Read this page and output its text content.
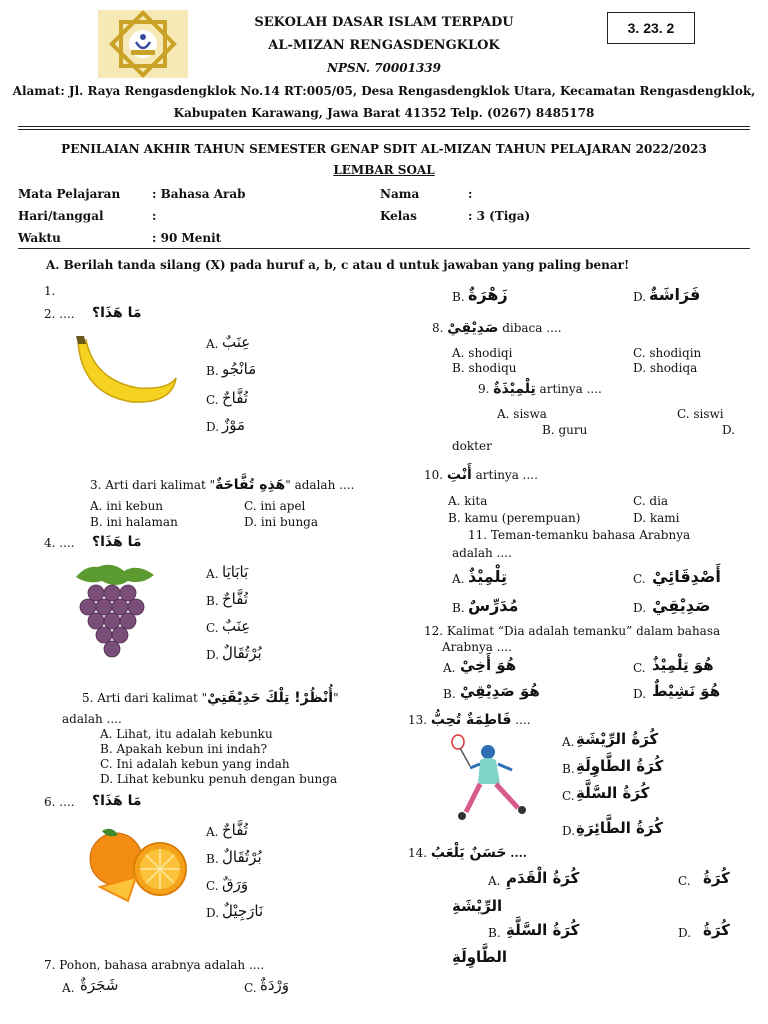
SEKOLAH DASAR ISLAM TERPADU
AL-MIZAN RENGASDENGKLOK
NPSN. 70001339
Alamat: Jl. Raya Rengasdengklok No.14 RT:005/05, Desa Rengasdengklok Utara, Kecamatan Rengasdengklok,
Kabupaten Karawang, Jawa Barat 41352 Telp. (0267) 8485178
3. 23. 2
PENILAIAN AKHIR TAHUN SEMESTER GENAP SDIT AL-MIZAN TAHUN PELAJARAN 2022/2023
LEMBAR SOAL
Mata Pelajaran	: Bahasa Arab
Hari/tanggal	:
Waktu	: 90 Menit
Nama	:
Kelas	: 3 (Tiga)
A. Berilah tanda silang (X) pada huruf a, b, c atau d untuk jawaban yang paling benar!
1.
2. .... مَا هَذَا؟
A. عِنَبٌ
B. مَانْجُو
C. تُفَّاحٌ
D. مَوْزٌ
3. Arti dari kalimat "هَذِهِ تُفَّاحَةٌ" adalah ....
A. ini kebun
B. ini halaman
C. ini apel
D. ini bunga
4. .... مَا هَذَا؟
A. بَابَايَا
B. تُفَّاحٌ
C. عِنَبٌ
D. بُرْتُقَالٌ
5. Arti dari kalimat "أُنْظُرْ! تِلْكَ حَدِيْقَتِيْ"
adalah ....
A. Lihat, itu adalah kebunku
B. Apakah kebun ini indah?
C. Ini adalah kebun yang indah
D. Lihat kebunku penuh dengan bunga
6. .... مَا هَذَا؟
A. تُفَّاحٌ
B. بُرْتُقَالٌ
C. وَرَقٌ
D. نَارَجِيْلٌ
7. Pohon, bahasa arabnya adalah ....
A. شَجَرَةٌ	C. وَرْدَةٌ
B. زَهْرَةٌ	D. فَرَاشَةٌ
8. صَدِيْقِيْ dibaca ....
A. shodiqi
B. shodiqu
C. shodiqin
D. shodiqa
9. تِلْمِيْذَةٌ artinya ....
A. siswa	C. siswi
B. guru	D.
dokter
10. أَنْتِ artinya ....
A. kita
B. kamu (perempuan)
C. dia
D. kami
11. Teman-temanku bahasa Arabnya
adalah ....
A. تِلْمِيْذٌ	C. أَصْدِقَائِيْ
B. مُدَرِّسٌ	D. صَدِيْقِيْ
12. Kalimat “Dia adalah temanku” dalam bahasa
Arabnya ....
A. هُوَ أَخِيْ	C. هُوَ تِلْمِيْذٌ
B. هُوَ صَدِيْقِيْ	D. هُوَ نَشِيْطٌ
13. فَاطِمَةٌ تُحِبُّ ....
A. كُرَةُ الرِّيْشَةِ
B. كُرَةُ الطَّاوِلَةِ
C. كُرَةُ السَّلَّةِ
D. كُرَةُ الطَّائِرَةِ
14. حَسَنٌ يَلْعَبُ ....
A. كُرَةُ الْقَدَمِ	C. كُرَةُ
الرِّيْشَةِ
B. كُرَةُ السَّلَّةِ	D. كُرَةُ
الطَّاوِلَةِ
